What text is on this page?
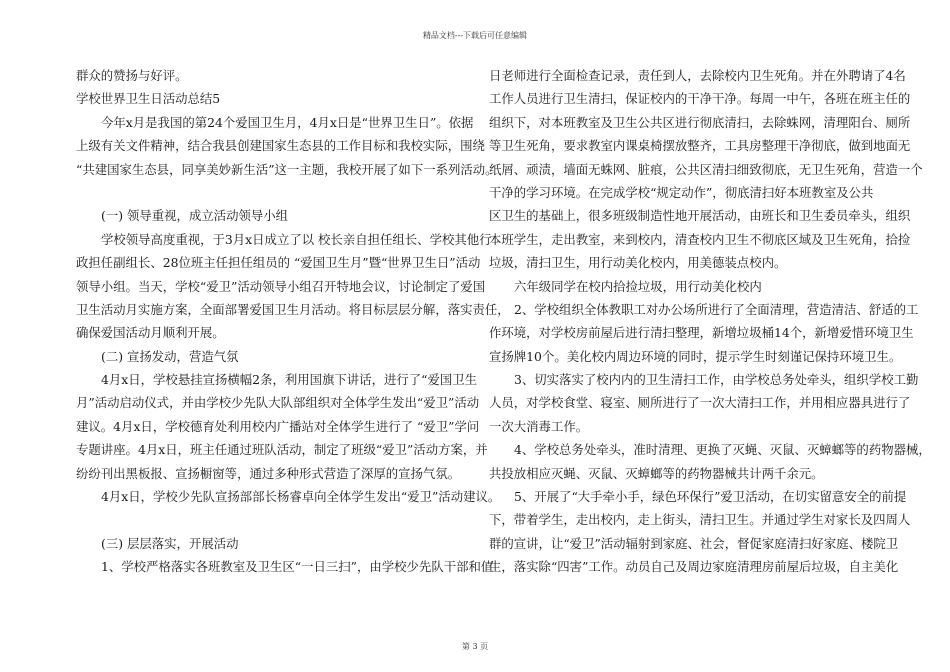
精品文档---下载后可任意编辑
群众的赞扬与好评。
学校世界卫生日活动总结5
今年x月是我国的第24个爱国卫生月，4月x日是“世界卫生日”。依据
上级有关文件精神，结合我县创建国家生态县的工作目标和我校实际，围绕
“共建国家生态县，同享美妙新生活”这一主题，我校开展了如下一系列活动。
(一) 领导重视，成立活动领导小组
学校领导高度重视，于3月x日成立了以 校长亲自担任组长、学校其他行
政担任副组长、28位班主任担任组员的 “爱国卫生月”暨“世界卫生日”活动
领导小组。当天，学校“爱卫”活动领导小组召开特地会议，讨论制定了爱国
卫生活动月实施方案，全面部署爱国卫生月活动。将目标层层分解，落实责任，
确保爱国活动月顺利开展。
(二) 宣扬发动，营造气氛
4月x日，学校悬挂宣扬横幅2条，利用国旗下讲话，进行了“爱国卫生
月”活动启动仪式，并由学校少先队大队部组织对全体学生发出“爱卫”活动
建议。4月x日，学校德育处利用校内广播站对全体学生进行了 “爱卫”学问
专题讲座。4月x日，班主任通过班队活动，制定了班级“爱卫”活动方案，并
纷纷刊出黑板报、宣扬橱窗等，通过多种形式营造了深厚的宣扬气氛。
4月x日，学校少先队宣扬部部长杨睿卓向全体学生发出“爱卫”活动建议。
(三) 层层落实，开展活动
1、学校严格落实各班教室及卫生区“一日三扫”，由学校少先队干部和值
日老师进行全面检查记录，责任到人，去除校内卫生死角。并在外聘请了4名
工作人员进行卫生清扫，保证校内的干净干净。每周一中午，各班在班主任的
组织下，对本班教室及卫生公共区进行彻底清扫，去除蛛网，清理阳台、厕所
等卫生死角，要求教室内课桌椅摆放整齐，工具房整理干净彻底，做到地面无
纸屑、顽渍，墙面无蛛网、脏痕，公共区清扫细致彻底，无卫生死角，营造一个
干净的学习环境。在完成学校“规定动作”，彻底清扫好本班教室及公共
区卫生的基础上，很多班级制造性地开展活动，由班长和卫生委员牵头，组织
本班学生，走出教室，来到校内，清查校内卫生不彻底区域及卫生死角，拾捡
垃圾，清扫卫生，用行动美化校内，用美德装点校内。
六年级同学在校内拾捡垃圾，用行动美化校内
2、学校组织全体教职工对办公场所进行了全面清理，营造清洁、舒适的工
作环境，对学校房前屋后进行清扫整理，新增垃圾桶14个，新增爱惜环境卫生
宣扬牌10个。美化校内周边环境的同时，提示学生时刻谨记保持环境卫生。
3、切实落实了校内内的卫生清扫工作，由学校总务处牵头，组织学校工勤
人员，对学校食堂、寝室、厕所进行了一次大清扫工作，并用相应器具进行了
一次大消毒工作。
4、学校总务处牵头，准时清理、更换了灭蝇、灭鼠、灭蟑螂等的药物器械，
共投放相应灭蝇、灭鼠、灭蟑螂等的药物器械共计两千余元。
5、开展了“大手牵小手，绿色环保行”爱卫活动，在切实留意安全的前提
下，带着学生，走出校内，走上街头，清扫卫生。并通过学生对家长及四周人
群的宣讲，让“爱卫”活动辐射到家庭、社会，督促家庭清扫好家庭、楼院卫
生，落实除“四害”工作。动员自己及周边家庭清理房前屋后垃圾，自主美化
第 3 页
